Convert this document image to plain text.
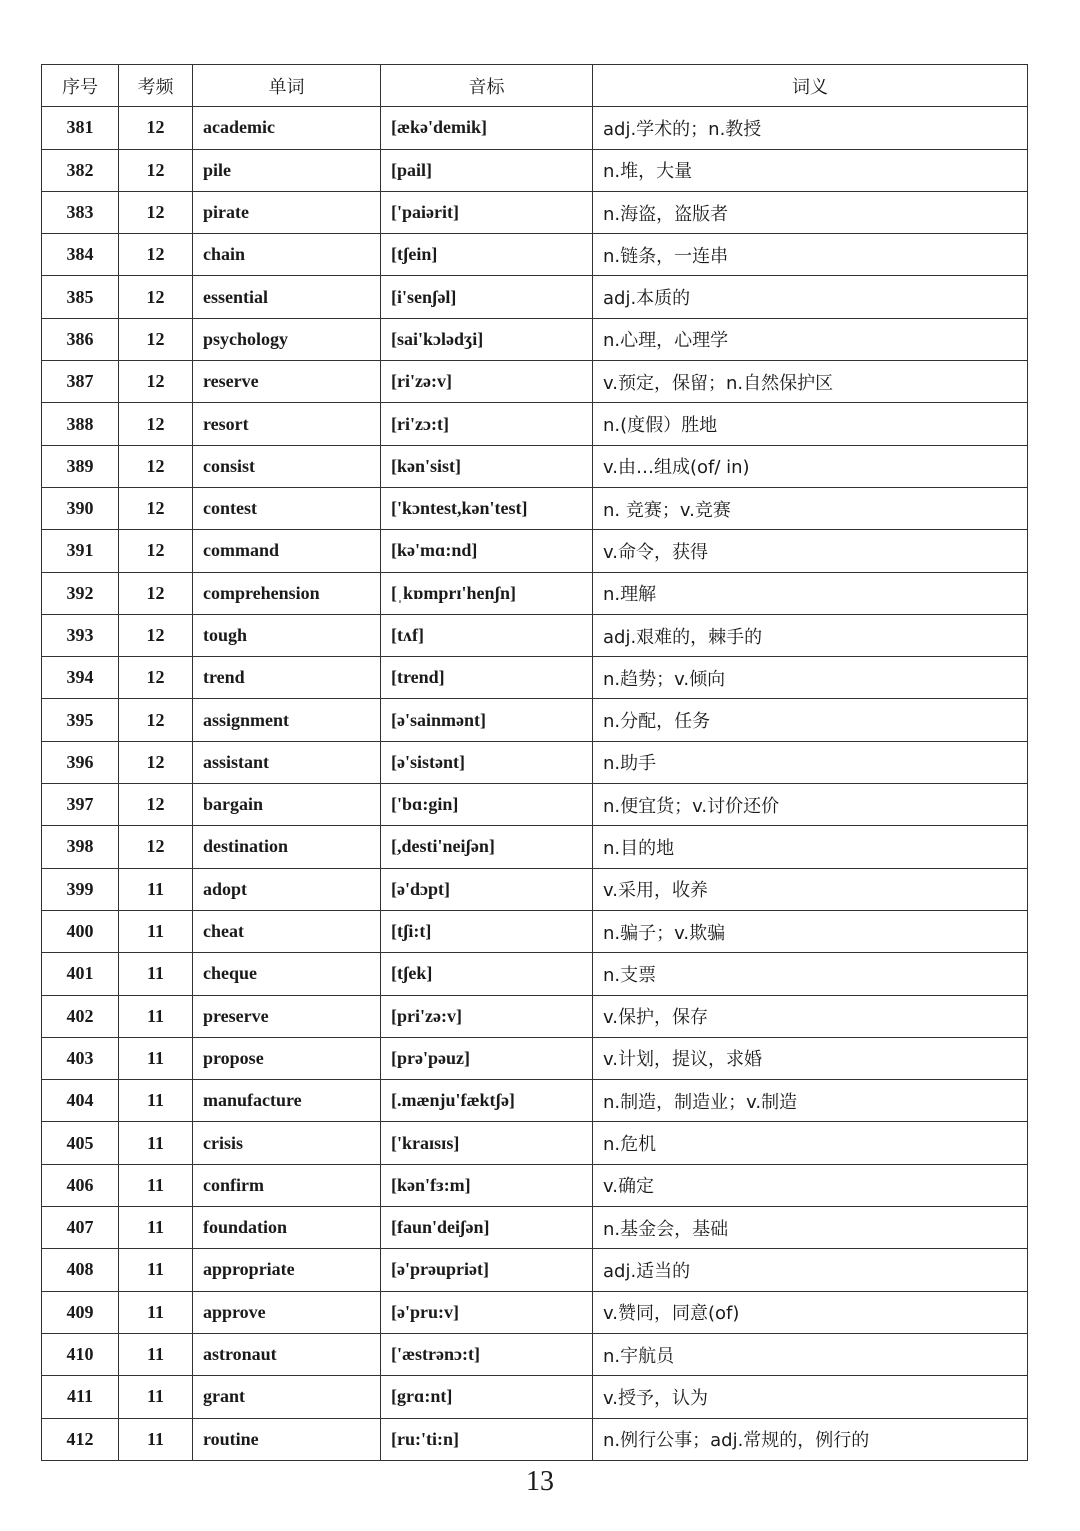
序号	考频	单词	音标	词义
381	12	academic	[ækə'demik]	adj.学术的；n.教授
382	12	pile	[pail]	n.堆，大量
383	12	pirate	['paiərit]	n.海盗，盗版者
384	12	chain	[tʃein]	n.链条，一连串
385	12	essential	[i'senʃəl]	adj.本质的
386	12	psychology	[sai'kɔlədʒi]	n.心理，心理学
387	12	reserve	[ri'zə:v]	v.预定，保留；n.自然保护区
388	12	resort	[ri'zɔ:t]	n.(度假）胜地
389	12	consist	[kən'sist]	v.由…组成(of/ in)
390	12	contest	['kɔntest,kən'test]	n. 竞赛；v.竞赛
391	12	command	[kə'mɑ:nd]	v.命令，获得
392	12	comprehension	[ˌkɒmprɪ'henʃn]	n.理解
393	12	tough	[tʌf]	adj.艰难的，棘手的
394	12	trend	[trend]	n.趋势；v.倾向
395	12	assignment	[ə'sainmənt]	n.分配，任务
396	12	assistant	[ə'sistənt]	n.助手
397	12	bargain	['bɑ:gin]	n.便宜货；v.讨价还价
398	12	destination	[,desti'neiʃən]	n.目的地
399	11	adopt	[ə'dɔpt]	v.采用，收养
400	11	cheat	[tʃi:t]	n.骗子；v.欺骗
401	11	cheque	[tʃek]	n.支票
402	11	preserve	[pri'zə:v]	v.保护，保存
403	11	propose	[prə'pəuz]	v.计划，提议，求婚
404	11	manufacture	[.mænju'fæktʃə]	n.制造，制造业；v.制造
405	11	crisis	['kraɪsɪs]	n.危机
406	11	confirm	[kən'fɜ:m]	v.确定
407	11	foundation	[faun'deiʃən]	n.基金会，基础
408	11	appropriate	[ə'prəupriət]	adj.适当的
409	11	approve	[ə'pru:v]	v.赞同，同意(of)
410	11	astronaut	['æstrənɔ:t]	n.宇航员
411	11	grant	[grɑ:nt]	v.授予，认为
412	11	routine	[ru:'ti:n]	n.例行公事；adj.常规的，例行的
13
